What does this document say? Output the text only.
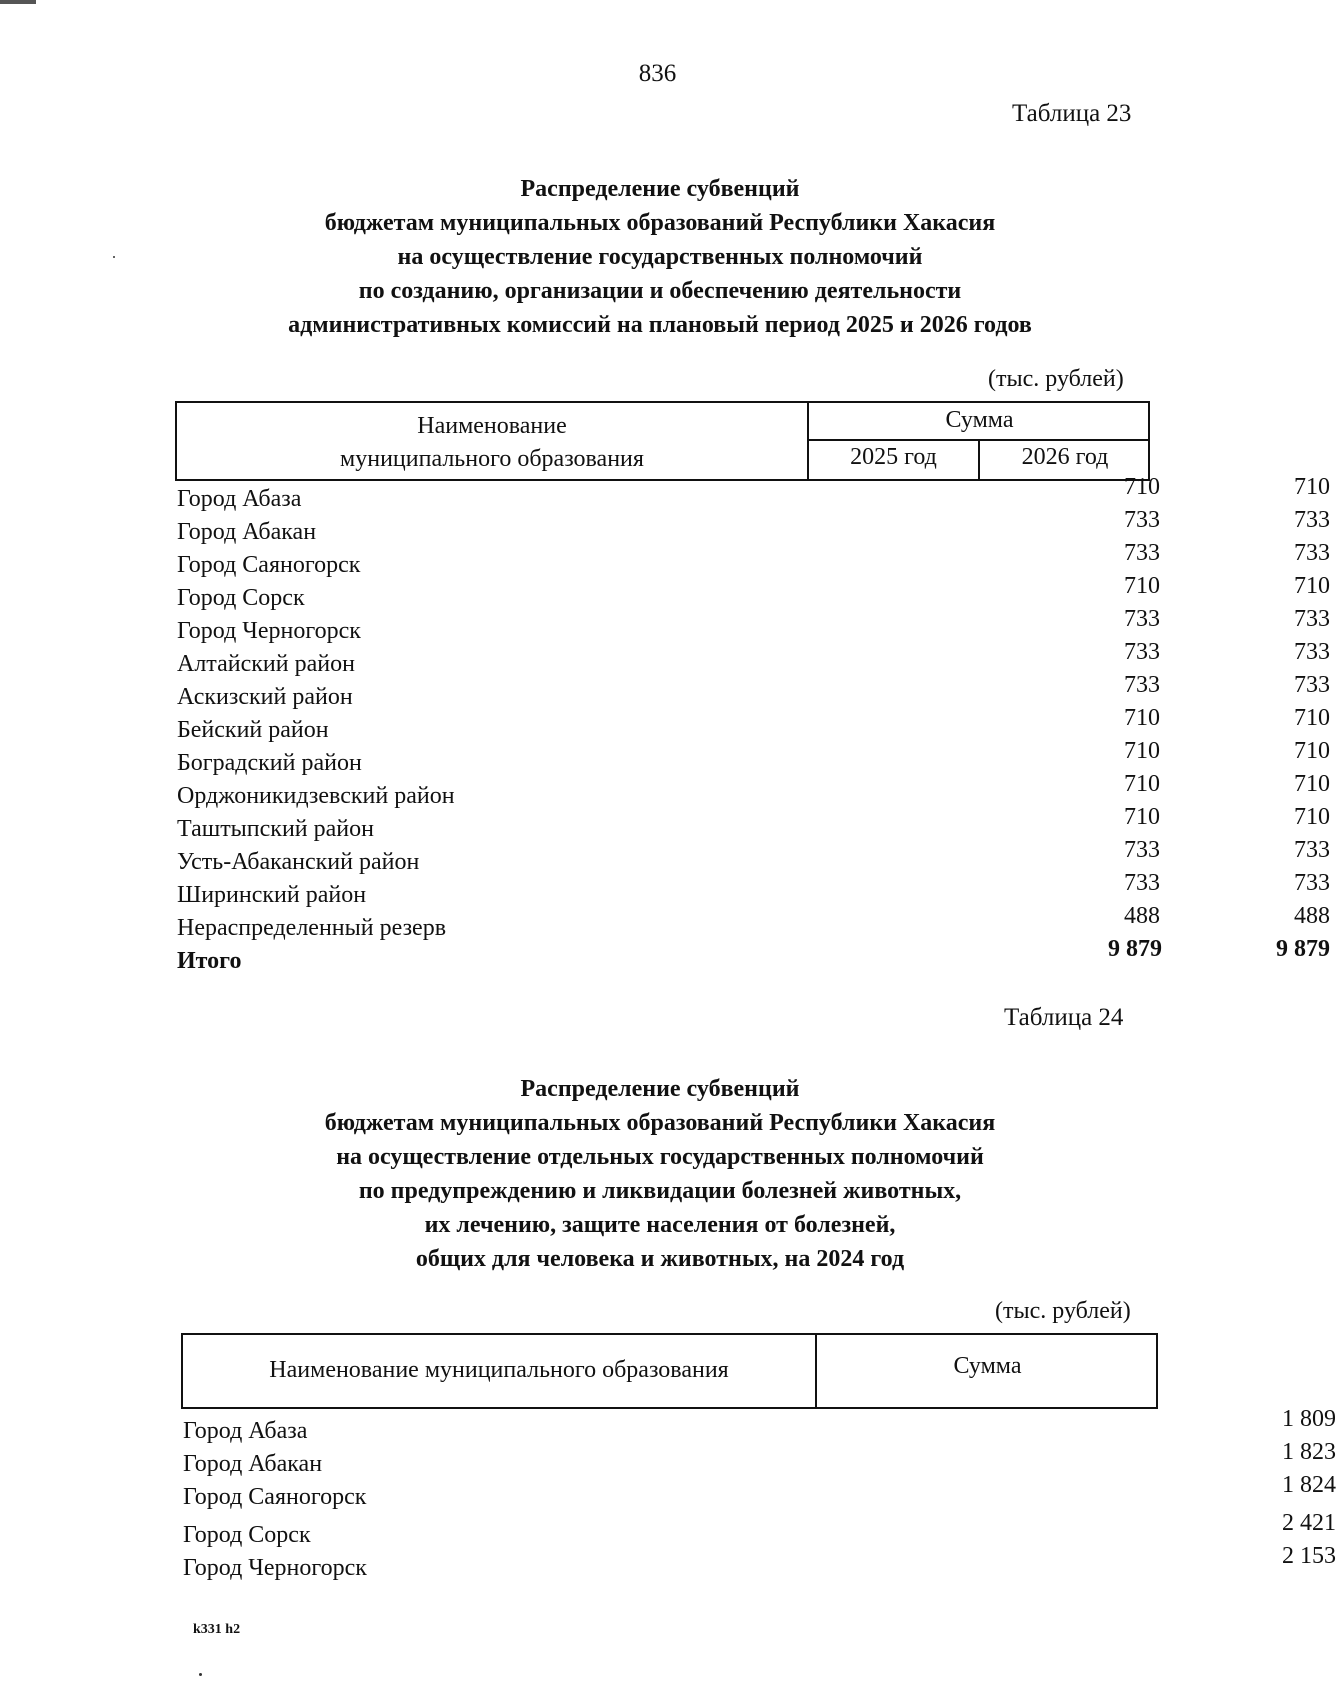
836
Таблица 23
Распределение субвенций
бюджетам муниципальных образований Республики Хакасия
на осуществление государственных полномочий
по созданию, организации и обеспечению деятельности
административных комиссий на плановый период 2025 и 2026 годов
(тыс. рублей)
Наименование
муниципального образования
Сумма
2025 год	2026 год
Город Абаза	710	710
Город Абакан	733	733
Город Саяногорск	733	733
Город Сорск	710	710
Город Черногорск	733	733
Алтайский район	733	733
Аскизский район	733	733
Бейский район	710	710
Боградский район	710	710
Орджоникидзевский район	710	710
Таштыпский район	710	710
Усть-Абаканский район	733	733
Ширинский район	733	733
Нераспределенный резерв	488	488
Итого	9 879	9 879
Таблица 24
Распределение субвенций
бюджетам муниципальных образований Республики Хакасия
на осуществление отдельных государственных полномочий
по предупреждению и ликвидации болезней животных,
их лечению, защите населения от болезней,
общих для человека и животных, на 2024 год
(тыс. рублей)
Наименование муниципального образования	Сумма
Город Абаза	1 809
Город Абакан	1 823
Город Саяногорск	1 824
Город Сорск	2 421
Город Черногорск	2 153
k331 h2
